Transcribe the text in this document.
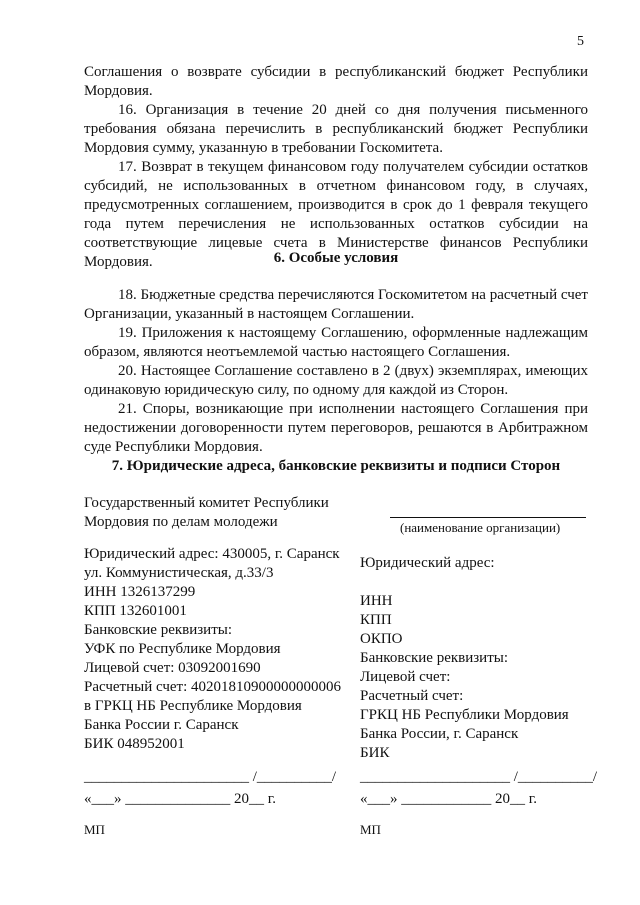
5

Соглашения о возврате субсидии в республиканский бюджет Республики Мордовия.

16. Организация в течение 20 дней со дня получения письменного требования обязана перечислить в республиканский бюджет Республики Мордовия сумму, указанную в требовании Госкомитета.

17. Возврат в текущем финансовом году получателем субсидии остатков субсидий, не использованных в отчетном финансовом году, в случаях, предусмотренных соглашением, производится в срок до 1 февраля текущего года путем перечисления не использованных остатков субсидии на соответствующие лицевые счета в Министерстве финансов Республики Мордовия.	6. Особые условия

18. Бюджетные средства перечисляются Госкомитетом на расчетный счет Организации, указанный в настоящем Соглашении.

19. Приложения к настоящему Соглашению, оформленные надлежащим образом, являются неотъемлемой частью настоящего Соглашения.

20. Настоящее Соглашение составлено в 2 (двух) экземплярах, имеющих одинаковую юридическую силу, по одному для каждой из Сторон.

21. Споры, возникающие при исполнении настоящего Соглашения при недостижении договоренности путем переговоров, решаются в Арбитражном суде Республики Мордовия.

7. Юридические адреса, банковские реквизиты и подписи Сторон

Государственный комитет Республики
Мордовия по делам молодежи
Юридический адрес: 430005, г. Саранск
ул. Коммунистическая, д.33/3
ИНН 1326137299
КПП 132601001
Банковские реквизиты:
УФК по Республике Мордовия
Лицевой счет: 03092001690
Расчетный счет: 40201810900000000006
в ГРКЦ НБ Республике Мордовия
Банка России г. Саранск
БИК 048952001
______________________ /__________/
«___» ______________ 20__ г.
МП
(наименование организации)
Юридический адрес:

ИНН
КПП
ОКПО
Банковские реквизиты:
Лицевой счет:
Расчетный счет:
ГРКЦ НБ Республики Мордовия
Банка России, г. Саранск
БИК
____________________ /__________/
«___» ____________ 20__ г.
МП
